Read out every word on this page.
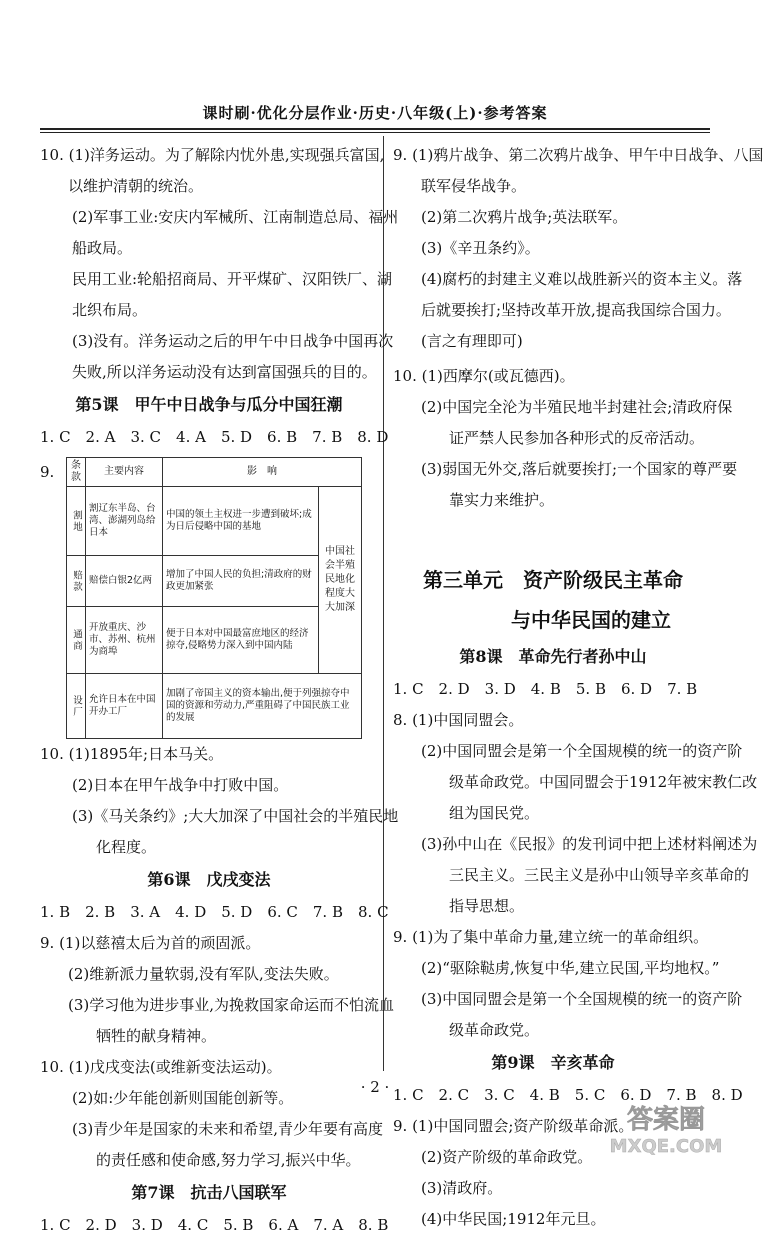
课时刷·优化分层作业·历史·八年级(上)·参考答案
10. (1)洋务运动。为了解除内忧外患,实现强兵富国,
以维护清朝的统治。
(2)军事工业:安庆内军械所、江南制造总局、福州
船政局。
民用工业:轮船招商局、开平煤矿、汉阳铁厂、湖
北织布局。
(3)没有。洋务运动之后的甲午中日战争中国再次
失败,所以洋务运动没有达到富国强兵的目的。
第5课　甲午中日战争与瓜分中国狂潮
1. C　2. A　3. C　4. A　5. D　6. B　7. B　8. D
9.	条款	主要内容	影　响	
割地	割辽东半岛、台湾、澎湖列岛给日本	中国的领土主权进一步遭到破坏;成为日后侵略中国的基地	中国社会半殖民地化程度大大加深
赔款	赔偿白银2亿两	增加了中国人民的负担;清政府的财政更加紧张	
通商	开放重庆、沙市、苏州、杭州为商埠	便于日本对中国最富庶地区的经济掠夺,侵略势力深入到中国内陆	
设厂	允许日本在中国开办工厂	加剧了帝国主义的资本输出,便于列强掠夺中国的资源和劳动力,严重阻碍了中国民族工业的发展	
10. (1)1895年;日本马关。
(2)日本在甲午战争中打败中国。
(3)《马关条约》;大大加深了中国社会的半殖民地
化程度。
第6课　戊戌变法
1. B　2. B　3. A　4. D　5. D　6. C　7. B　8. C
9. (1)以慈禧太后为首的顽固派。
(2)维新派力量软弱,没有军队,变法失败。
(3)学习他为进步事业,为挽救国家命运而不怕流血
牺牲的献身精神。
10. (1)戊戌变法(或维新变法运动)。
(2)如:少年能创新则国能创新等。
(3)青少年是国家的未来和希望,青少年要有高度
的责任感和使命感,努力学习,振兴中华。
第7课　抗击八国联军
1. C　2. D　3. D　4. C　5. B　6. A　7. A　8. B
9. (1)鸦片战争、第二次鸦片战争、甲午中日战争、八国
联军侵华战争。
(2)第二次鸦片战争;英法联军。
(3)《辛丑条约》。
(4)腐朽的封建主义难以战胜新兴的资本主义。落
后就要挨打;坚持改革开放,提高我国综合国力。
(言之有理即可)
10. (1)西摩尔(或瓦德西)。
(2)中国完全沦为半殖民地半封建社会;清政府保
证严禁人民参加各种形式的反帝活动。
(3)弱国无外交,落后就要挨打;一个国家的尊严要
靠实力来维护。
第三单元　资产阶级民主革命
与中华民国的建立
第8课　革命先行者孙中山
1. C　2. D　3. D　4. B　5. B　6. D　7. B
8. (1)中国同盟会。
(2)中国同盟会是第一个全国规模的统一的资产阶
级革命政党。中国同盟会于1912年被宋教仁改
组为国民党。
(3)孙中山在《民报》的发刊词中把上述材料阐述为
三民主义。三民主义是孙中山领导辛亥革命的
指导思想。
9. (1)为了集中革命力量,建立统一的革命组织。
(2)“驱除鞑虏,恢复中华,建立民国,平均地权。”
(3)中国同盟会是第一个全国规模的统一的资产阶
级革命政党。
第9课　辛亥革命
1. C　2. C　3. C　4. B　5. C　6. D　7. B　8. D
9. (1)中国同盟会;资产阶级革命派。
(2)资产阶级的革命政党。
(3)清政府。
(4)中华民国;1912年元旦。
· 2 ·
答案圈
MXQE.COM
